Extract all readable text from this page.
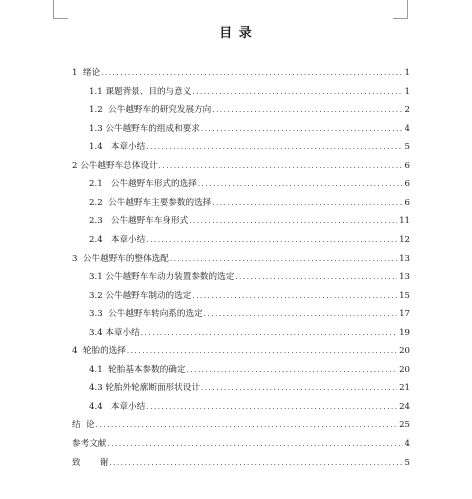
目 录
1  绪论 .....	1
1.1 课题背景、目的与意义 .....	1
1.2  公牛越野车的研究发展方向 .....	2
1.3 公牛越野车的组成和要求 .....	4
1.4   本章小结 .....	5
2 公牛越野车总体设计 .....	6
2.1   公牛越野车形式的选择 .....	6
2.2  公牛越野车主要参数的选择 .....	6
2.3   公牛越野车车身形式 .....	11
2.4   本章小结 .....	12
3  公牛越野车的整体选配 .....	13
3.1 公牛越野车车动力装置参数的选定 .....	13
3.2 公牛越野车制动的选定 .....	15
3.3  公牛越野车转向系的选定 .....	17
3.4 本章小结 .....	19
4  轮胎的选择 .....	20
4.1  轮胎基本参数的确定 .....	20
4.3 轮胎外轮廓断面形状设计 .....	21
4.4   本章小结 .....	24
结  论 .....	25
参考文献 .....	4
致       谢 .....	5
